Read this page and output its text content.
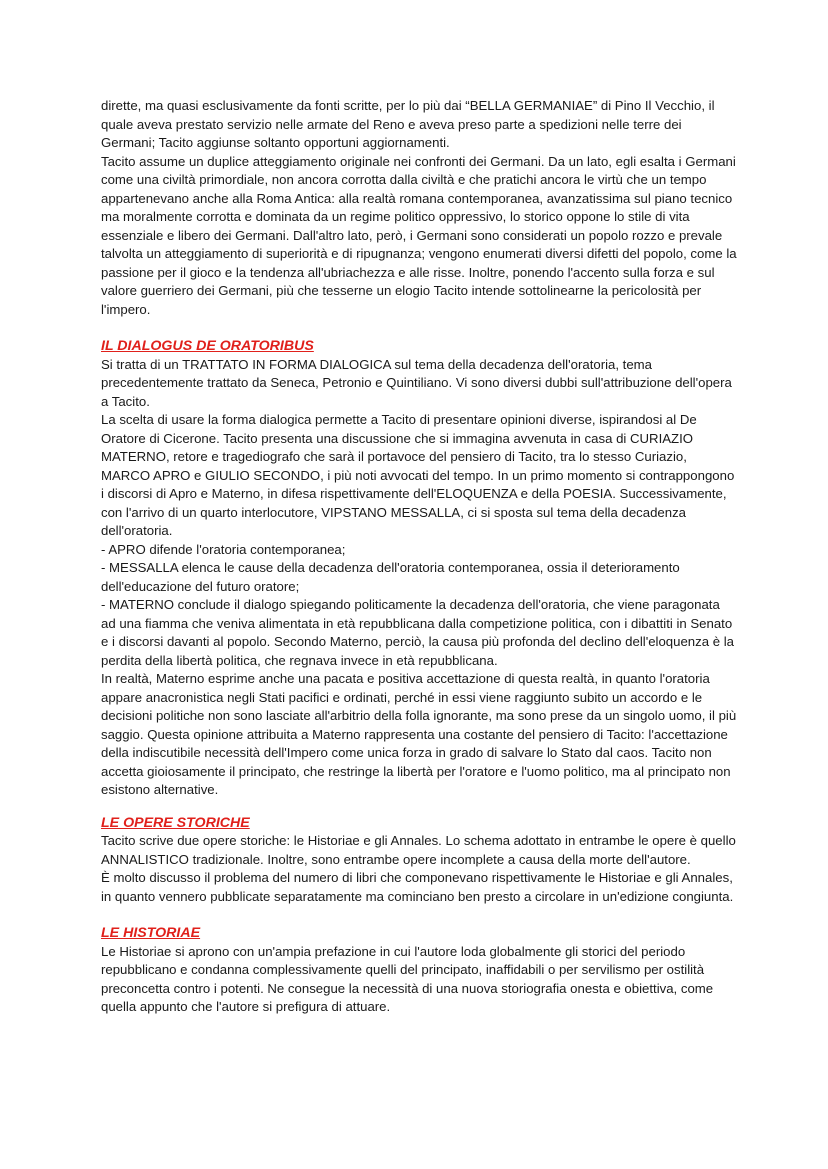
dirette, ma quasi esclusivamente da fonti scritte, per lo più dai “BELLA GERMANIAE” di Pino Il Vecchio, il quale aveva prestato servizio nelle armate del Reno e aveva preso parte a spedizioni nelle terre dei Germani; Tacito aggiunse soltanto opportuni aggiornamenti.

Tacito assume un duplice atteggiamento originale nei confronti dei Germani. Da un lato, egli esalta i Germani come una civiltà primordiale, non ancora corrotta dalla civiltà e che pratichi ancora le virtù che un tempo appartenevano anche alla Roma Antica: alla realtà romana contemporanea, avanzatissima sul piano tecnico ma moralmente corrotta e dominata da un regime politico oppressivo, lo storico oppone lo stile di vita essenziale e libero dei Germani. Dall'altro lato, però, i Germani sono considerati un popolo rozzo e prevale talvolta un atteggiamento di superiorità e di ripugnanza; vengono enumerati diversi difetti del popolo, come la passione per il gioco e la tendenza all'ubriachezza e alle risse. Inoltre, ponendo l'accento sulla forza e sul valore guerriero dei Germani, più che tesserne un elogio Tacito intende sottolinearne la pericolosità per l'impero.

IL DIALOGUS DE ORATORIBUS

Si tratta di un TRATTATO IN FORMA DIALOGICA sul tema della decadenza dell'oratoria, tema precedentemente trattato da Seneca, Petronio e Quintiliano. Vi sono diversi dubbi sull'attribuzione dell'opera a Tacito.

La scelta di usare la forma dialogica permette a Tacito di presentare opinioni diverse, ispirandosi al De Oratore di Cicerone. Tacito presenta una discussione che si immagina avvenuta in casa di CURIAZIO MATERNO, retore e tragediografo che sarà il portavoce del pensiero di Tacito, tra lo stesso Curiazio, MARCO APRO e GIULIO SECONDO, i più noti avvocati del tempo. In un primo momento si contrappongono i discorsi di Apro e Materno, in difesa rispettivamente dell'ELOQUENZA e della POESIA. Successivamente, con l'arrivo di un quarto interlocutore, VIPSTANO MESSALLA, ci si sposta sul tema della decadenza dell'oratoria.

- APRO difende l'oratoria contemporanea;

- MESSALLA elenca le cause della decadenza dell'oratoria contemporanea, ossia il deterioramento dell'educazione del futuro oratore;

- MATERNO conclude il dialogo spiegando politicamente la decadenza dell'oratoria, che viene paragonata ad una fiamma che veniva alimentata in età repubblicana dalla competizione politica, con i dibattiti in Senato e i discorsi davanti al popolo. Secondo Materno, perciò, la causa più profonda del declino dell'eloquenza è la perdita della libertà politica, che regnava invece in età repubblicana.

In realtà, Materno esprime anche una pacata e positiva accettazione di questa realtà, in quanto l'oratoria appare anacronistica negli Stati pacifici e ordinati, perché in essi viene raggiunto subito un accordo e le decisioni politiche non sono lasciate all'arbitrio della folla ignorante, ma sono prese da un singolo uomo, il più saggio. Questa opinione attribuita a Materno rappresenta una costante del pensiero di Tacito: l'accettazione della indiscutibile necessità dell'Impero come unica forza in grado di salvare lo Stato dal caos. Tacito non accetta gioiosamente il principato, che restringe la libertà per l'oratore e l'uomo politico, ma al principato non esistono alternative.

LE OPERE STORICHE

Tacito scrive due opere storiche: le Historiae e gli Annales. Lo schema adottato in entrambe le opere è quello ANNALISTICO tradizionale. Inoltre, sono entrambe opere incomplete a causa della morte dell'autore.

È molto discusso il problema del numero di libri che componevano rispettivamente le Historiae e gli Annales, in quanto vennero pubblicate separatamente ma cominciano ben presto a circolare in un'edizione congiunta.

LE HISTORIAE

Le Historiae si aprono con un'ampia prefazione in cui l'autore loda globalmente gli storici del periodo repubblicano e condanna complessivamente quelli del principato, inaffidabili o per servilismo per ostilità preconcetta contro i potenti. Ne consegue la necessità di una nuova storiografia onesta e obiettiva, come quella appunto che l'autore si prefigura di attuare.
